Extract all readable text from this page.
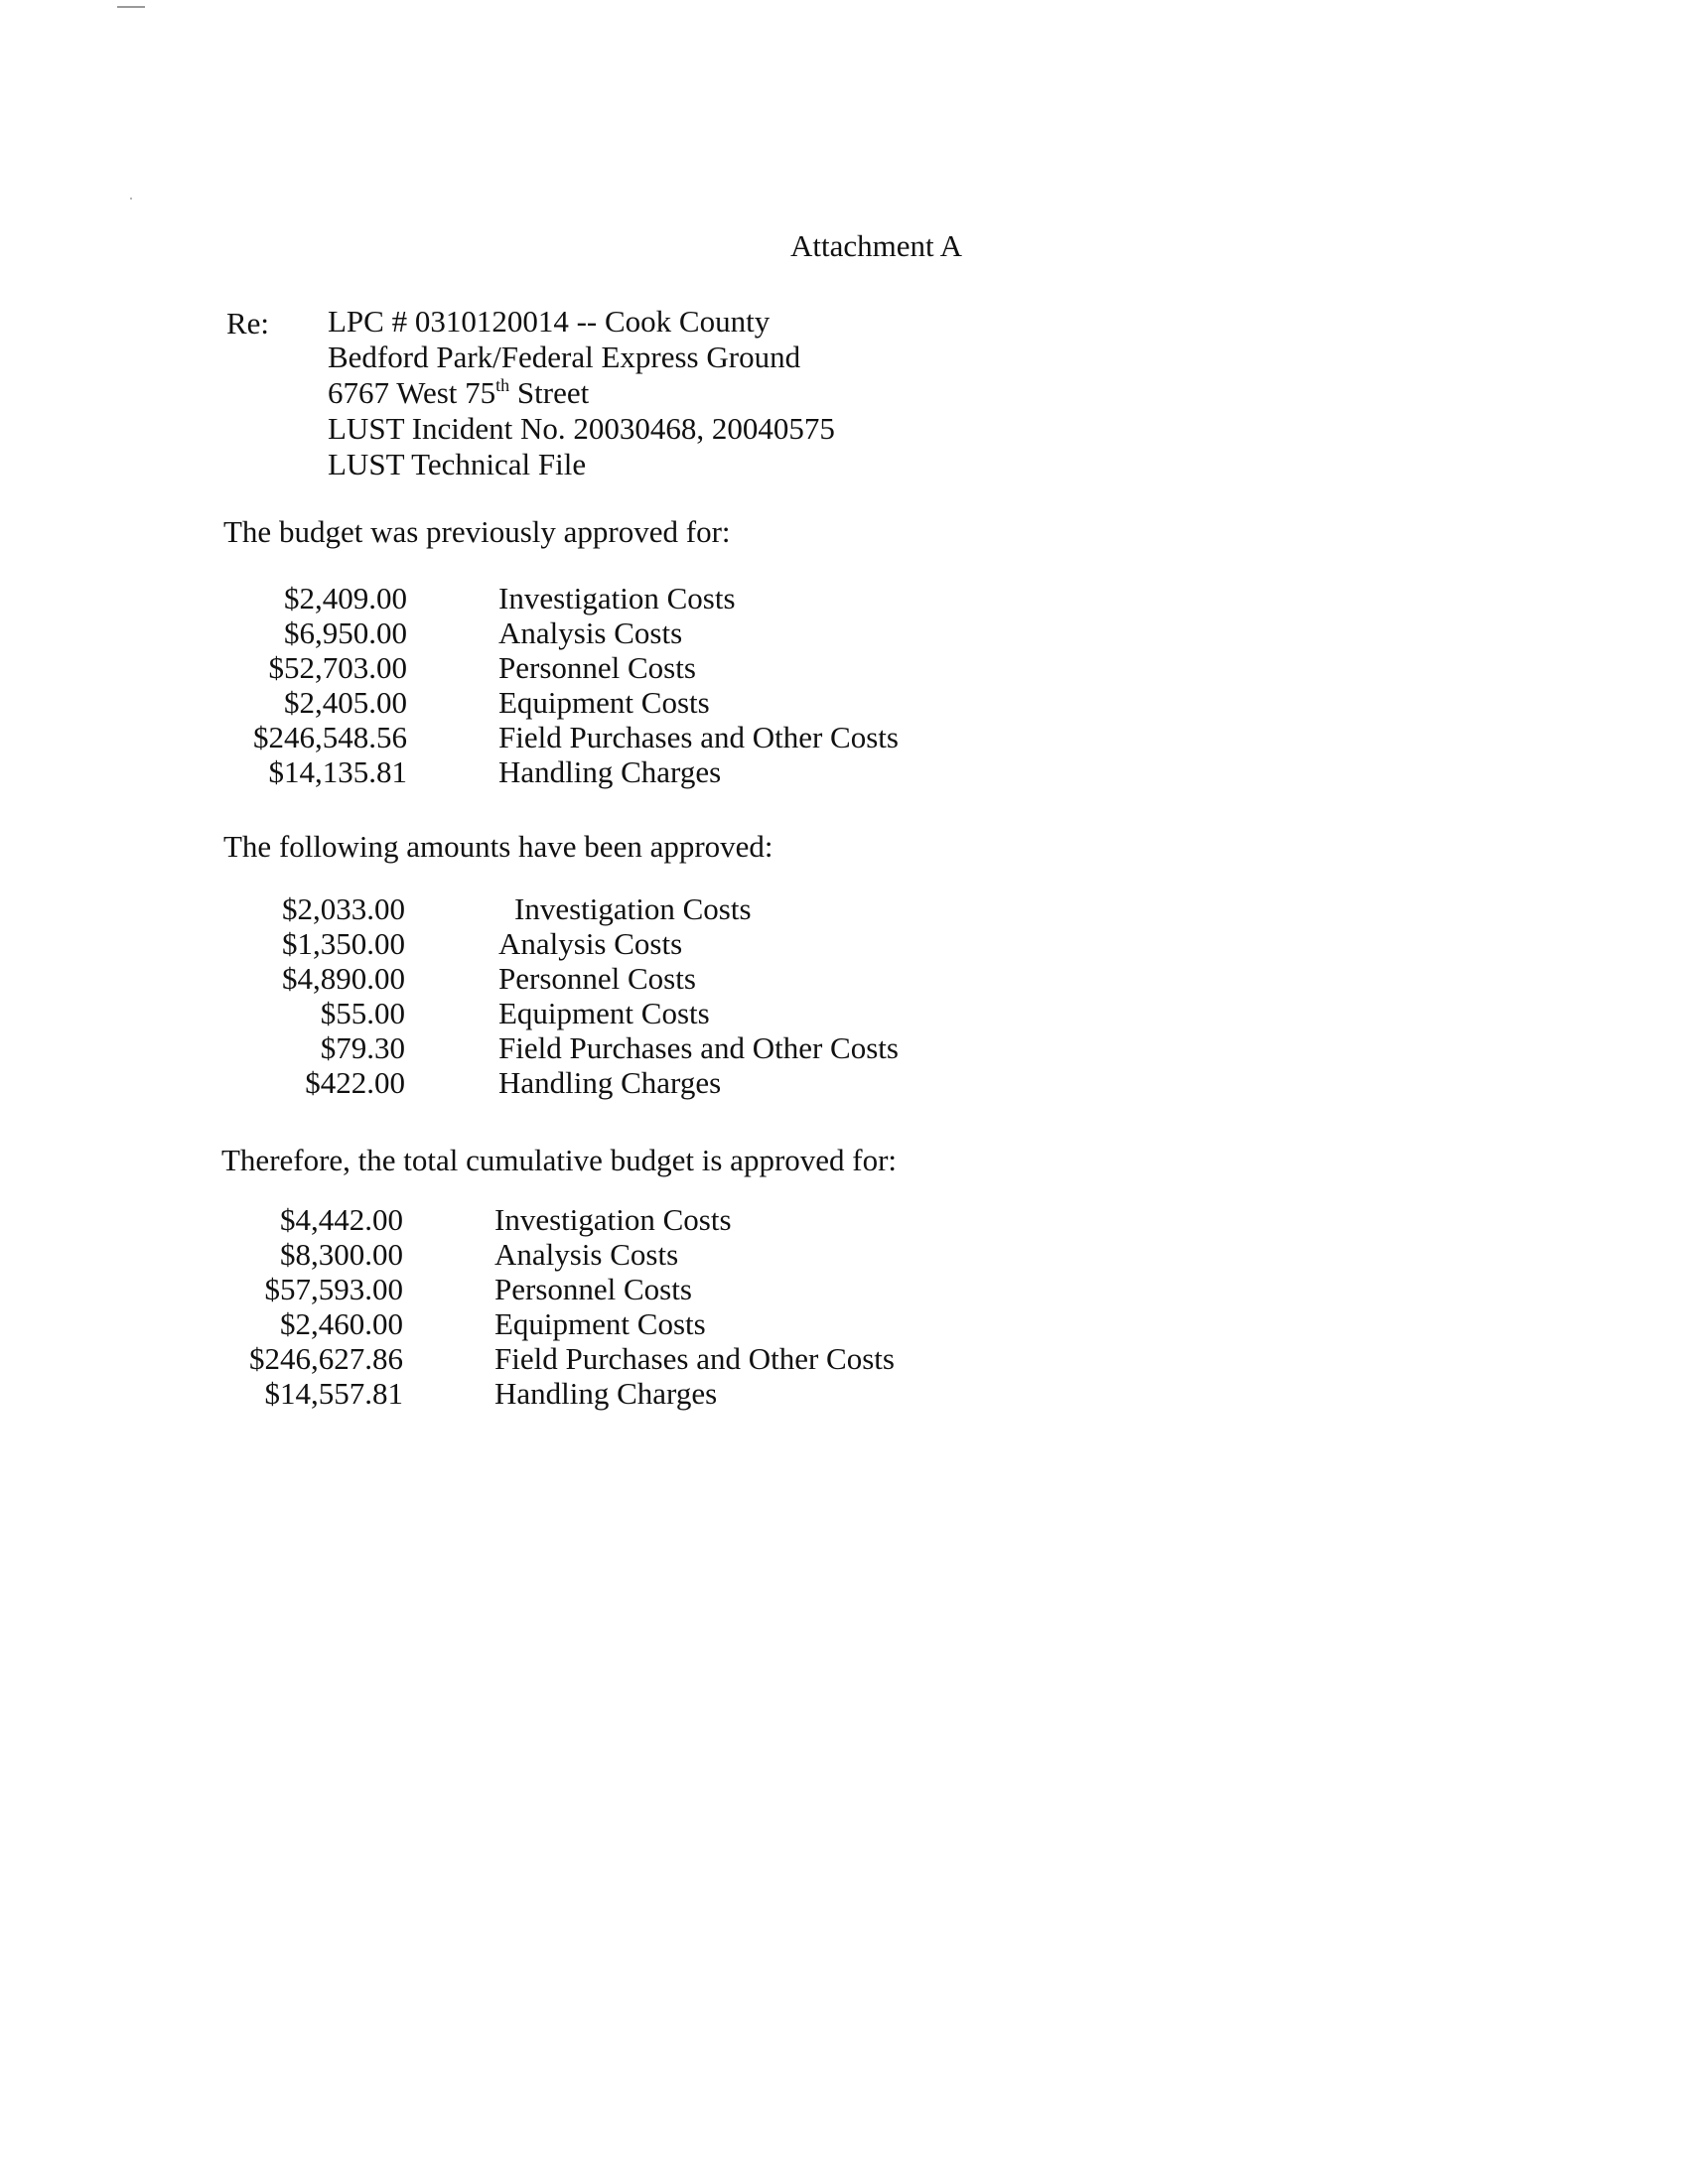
Attachment A
Re: LPC # 0310120014 -- Cook County
Bedford Park/Federal Express Ground
6767 West 75th Street
LUST Incident No. 20030468, 20040575
LUST Technical File
The budget was previously approved for:
$2,409.00	Investigation Costs
$6,950.00	Analysis Costs
$52,703.00	Personnel Costs
$2,405.00	Equipment Costs
$246,548.56	Field Purchases and Other Costs
$14,135.81	Handling Charges
The following amounts have been approved:
$2,033.00	Investigation Costs
$1,350.00	Analysis Costs
$4,890.00	Personnel Costs
$55.00	Equipment Costs
$79.30	Field Purchases and Other Costs
$422.00	Handling Charges
Therefore, the total cumulative budget is approved for:
$4,442.00	Investigation Costs
$8,300.00	Analysis Costs
$57,593.00	Personnel Costs
$2,460.00	Equipment Costs
$246,627.86	Field Purchases and Other Costs
$14,557.81	Handling Charges
